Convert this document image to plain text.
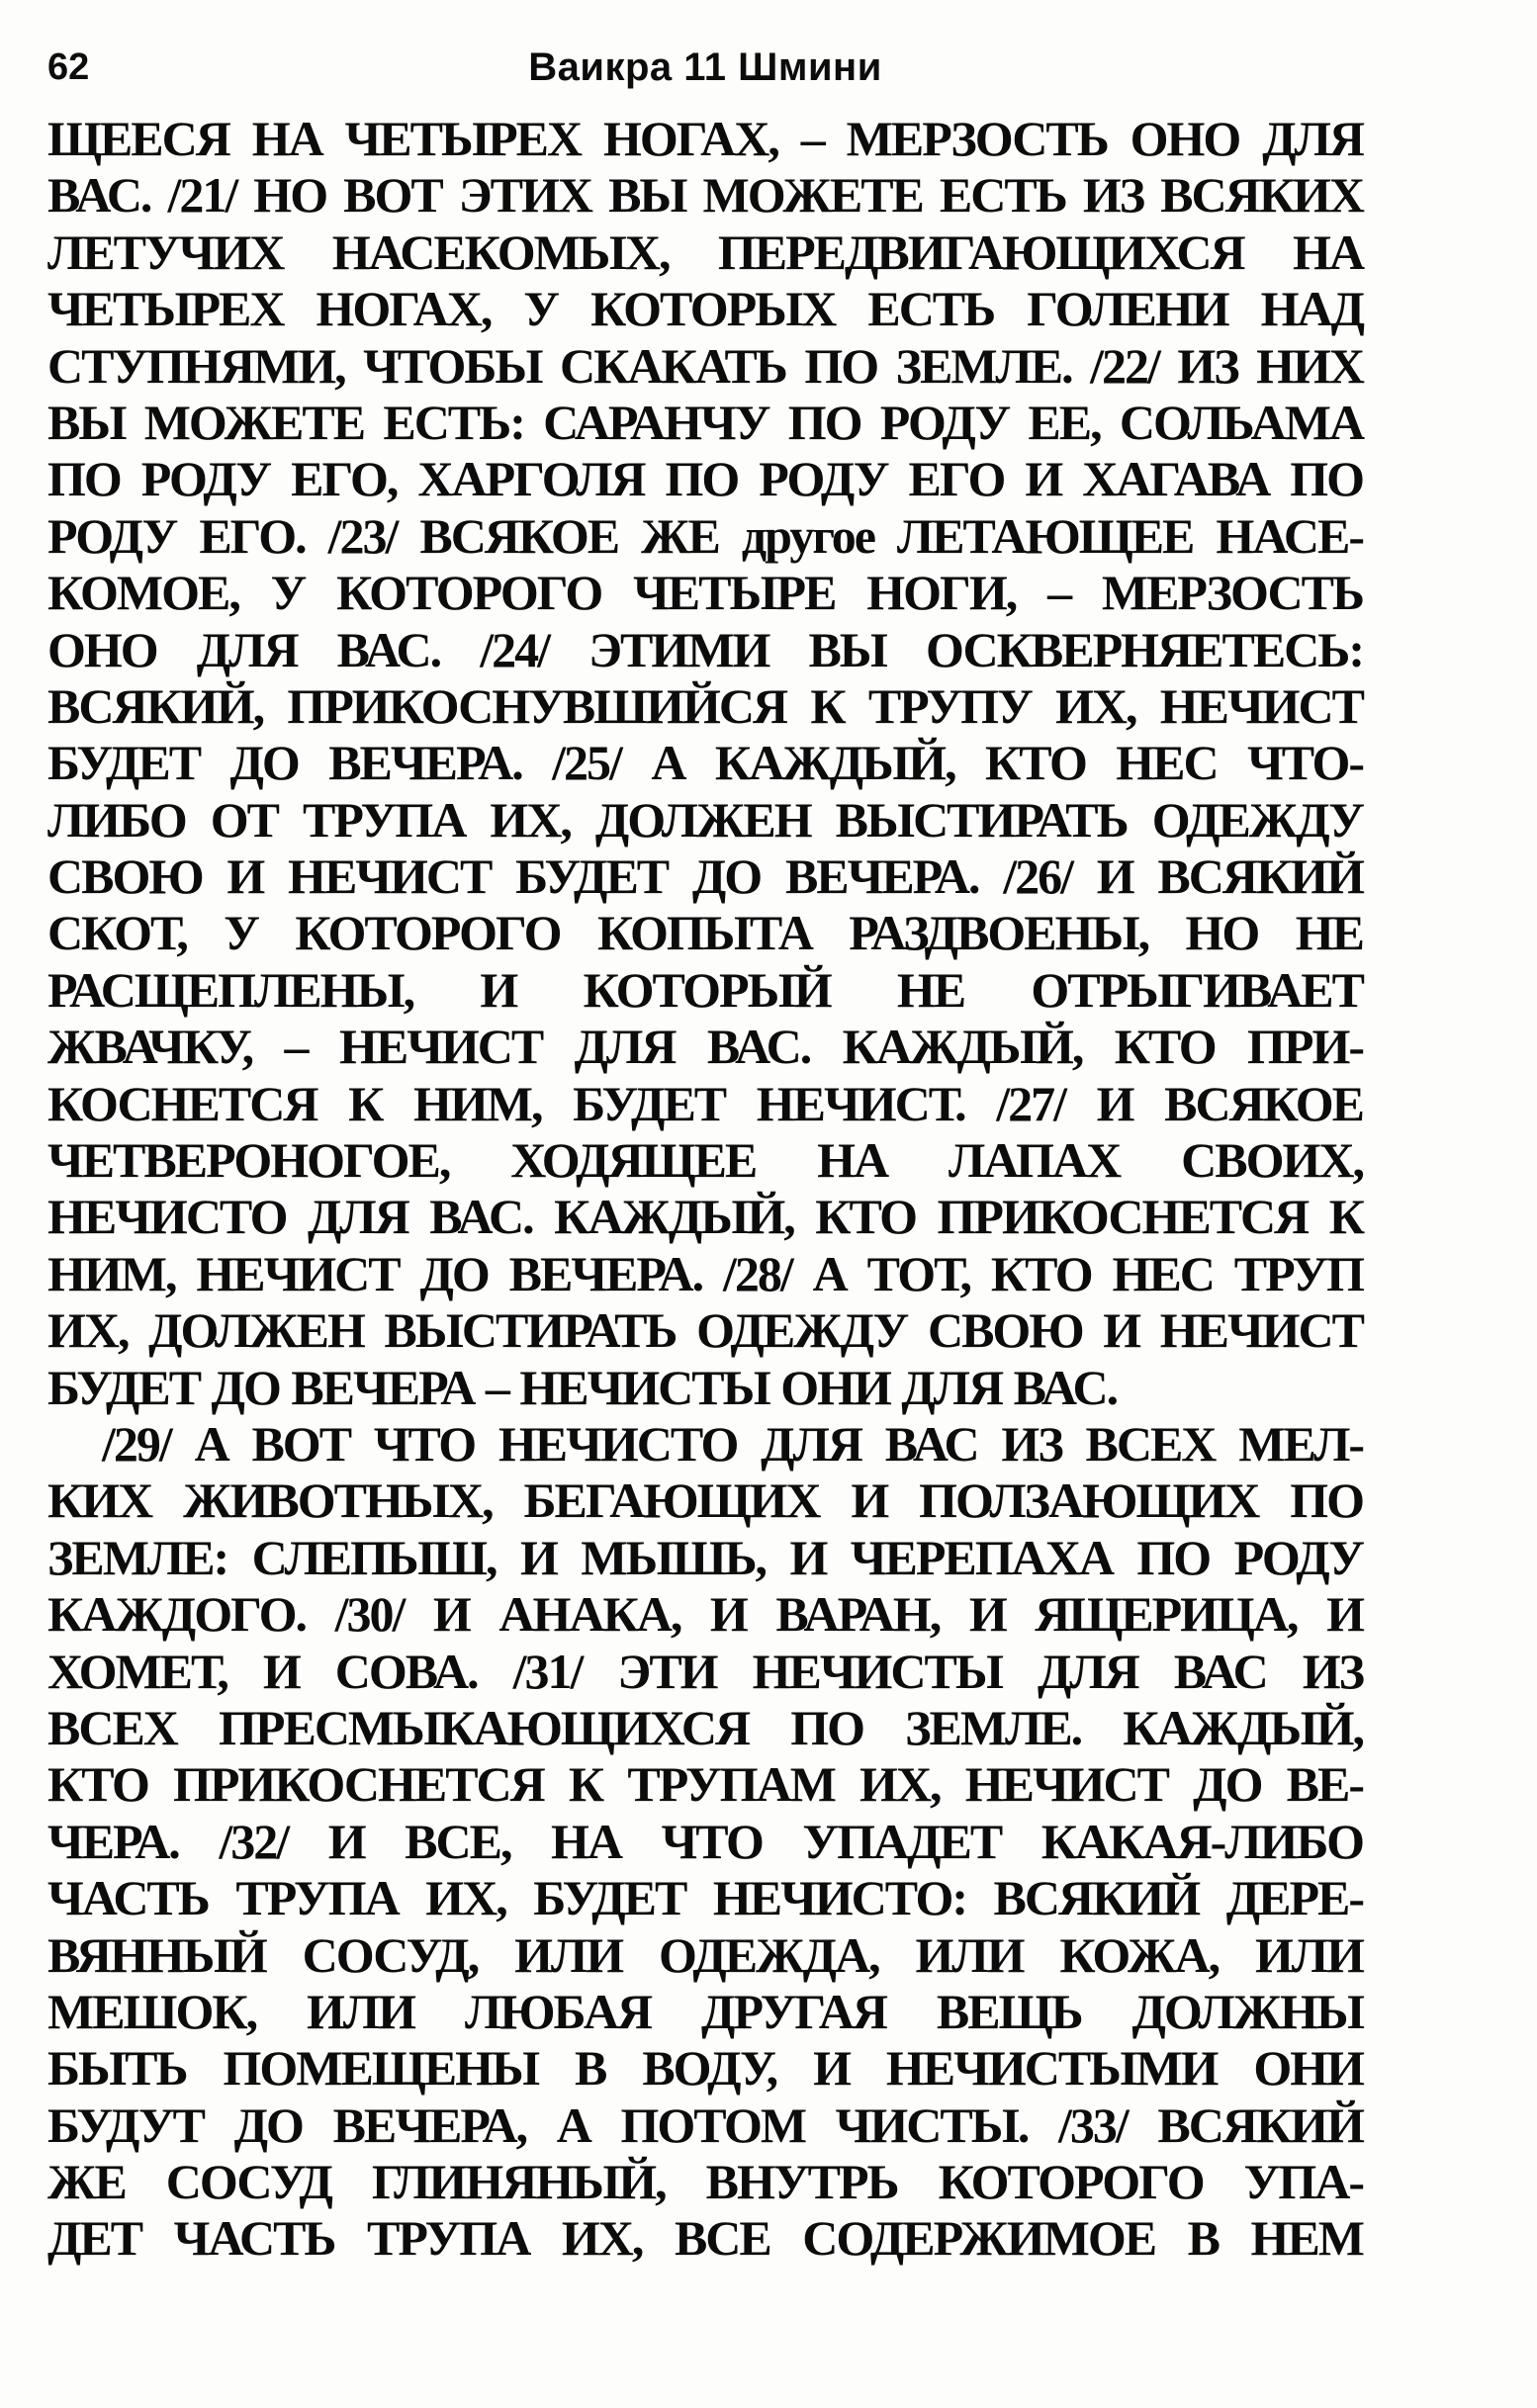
62	Ваикра 11 Шмини
ЩЕЕСЯ НА ЧЕТЫРЕХ НОГАХ, – МЕРЗОСТЬ ОНО ДЛЯ
ВАС. /21/ НО ВОТ ЭТИХ ВЫ МОЖЕТЕ ЕСТЬ ИЗ ВСЯКИХ
ЛЕТУЧИХ НАСЕКОМЫХ, ПЕРЕДВИГАЮЩИХСЯ НА
ЧЕТЫРЕХ НОГАХ, У КОТОРЫХ ЕСТЬ ГОЛЕНИ НАД
СТУПНЯМИ, ЧТОБЫ СКАКАТЬ ПО ЗЕМЛЕ. /22/ ИЗ НИХ
ВЫ МОЖЕТЕ ЕСТЬ: САРАНЧУ ПО РОДУ ЕЕ, СОЛЬАМА
ПО РОДУ ЕГО, ХАРГОЛЯ ПО РОДУ ЕГО И ХАГАВА ПО
РОДУ ЕГО. /23/ ВСЯКОЕ ЖЕ другое ЛЕТАЮЩЕЕ НАСЕ-
КОМОЕ, У КОТОРОГО ЧЕТЫРЕ НОГИ, – МЕРЗОСТЬ
ОНО ДЛЯ ВАС. /24/ ЭТИМИ ВЫ ОСКВЕРНЯЕТЕСЬ:
ВСЯКИЙ, ПРИКОСНУВШИЙСЯ К ТРУПУ ИХ, НЕЧИСТ
БУДЕТ ДО ВЕЧЕРА. /25/ А КАЖДЫЙ, КТО НЕС ЧТО-
ЛИБО ОТ ТРУПА ИХ, ДОЛЖЕН ВЫСТИРАТЬ ОДЕЖДУ
СВОЮ И НЕЧИСТ БУДЕТ ДО ВЕЧЕРА. /26/ И ВСЯКИЙ
СКОТ, У КОТОРОГО КОПЫТА РАЗДВОЕНЫ, НО НЕ
РАСЩЕПЛЕНЫ, И КОТОРЫЙ НЕ ОТРЫГИВАЕТ
ЖВАЧКУ, – НЕЧИСТ ДЛЯ ВАС. КАЖДЫЙ, КТО ПРИ-
КОСНЕТСЯ К НИМ, БУДЕТ НЕЧИСТ. /27/ И ВСЯКОЕ
ЧЕТВЕРОНОГОЕ, ХОДЯЩЕЕ НА ЛАПАХ СВОИХ,
НЕЧИСТО ДЛЯ ВАС. КАЖДЫЙ, КТО ПРИКОСНЕТСЯ К
НИМ, НЕЧИСТ ДО ВЕЧЕРА. /28/ А ТОТ, КТО НЕС ТРУП
ИХ, ДОЛЖЕН ВЫСТИРАТЬ ОДЕЖДУ СВОЮ И НЕЧИСТ
БУДЕТ ДО ВЕЧЕРА – НЕЧИСТЫ ОНИ ДЛЯ ВАС.
/29/ А ВОТ ЧТО НЕЧИСТО ДЛЯ ВАС ИЗ ВСЕХ МЕЛ-
КИХ ЖИВОТНЫХ, БЕГАЮЩИХ И ПОЛЗАЮЩИХ ПО
ЗЕМЛЕ: СЛЕПЫШ, И МЫШЬ, И ЧЕРЕПАХА ПО РОДУ
КАЖДОГО. /30/ И АНАКА, И ВАРАН, И ЯЩЕРИЦА, И
ХОМЕТ, И СОВА. /31/ ЭТИ НЕЧИСТЫ ДЛЯ ВАС ИЗ
ВСЕХ ПРЕСМЫКАЮЩИХСЯ ПО ЗЕМЛЕ. КАЖДЫЙ,
КТО ПРИКОСНЕТСЯ К ТРУПАМ ИХ, НЕЧИСТ ДО ВЕ-
ЧЕРА. /32/ И ВСЕ, НА ЧТО УПАДЕТ КАКАЯ-ЛИБО
ЧАСТЬ ТРУПА ИХ, БУДЕТ НЕЧИСТО: ВСЯКИЙ ДЕРЕ-
ВЯННЫЙ СОСУД, ИЛИ ОДЕЖДА, ИЛИ КОЖА, ИЛИ
МЕШОК, ИЛИ ЛЮБАЯ ДРУГАЯ ВЕЩЬ ДОЛЖНЫ
БЫТЬ ПОМЕЩЕНЫ В ВОДУ, И НЕЧИСТЫМИ ОНИ
БУДУТ ДО ВЕЧЕРА, А ПОТОМ ЧИСТЫ. /33/ ВСЯКИЙ
ЖЕ СОСУД ГЛИНЯНЫЙ, ВНУТРЬ КОТОРОГО УПА-
ДЕТ ЧАСТЬ ТРУПА ИХ, ВСЕ СОДЕРЖИМОЕ В НЕМ
